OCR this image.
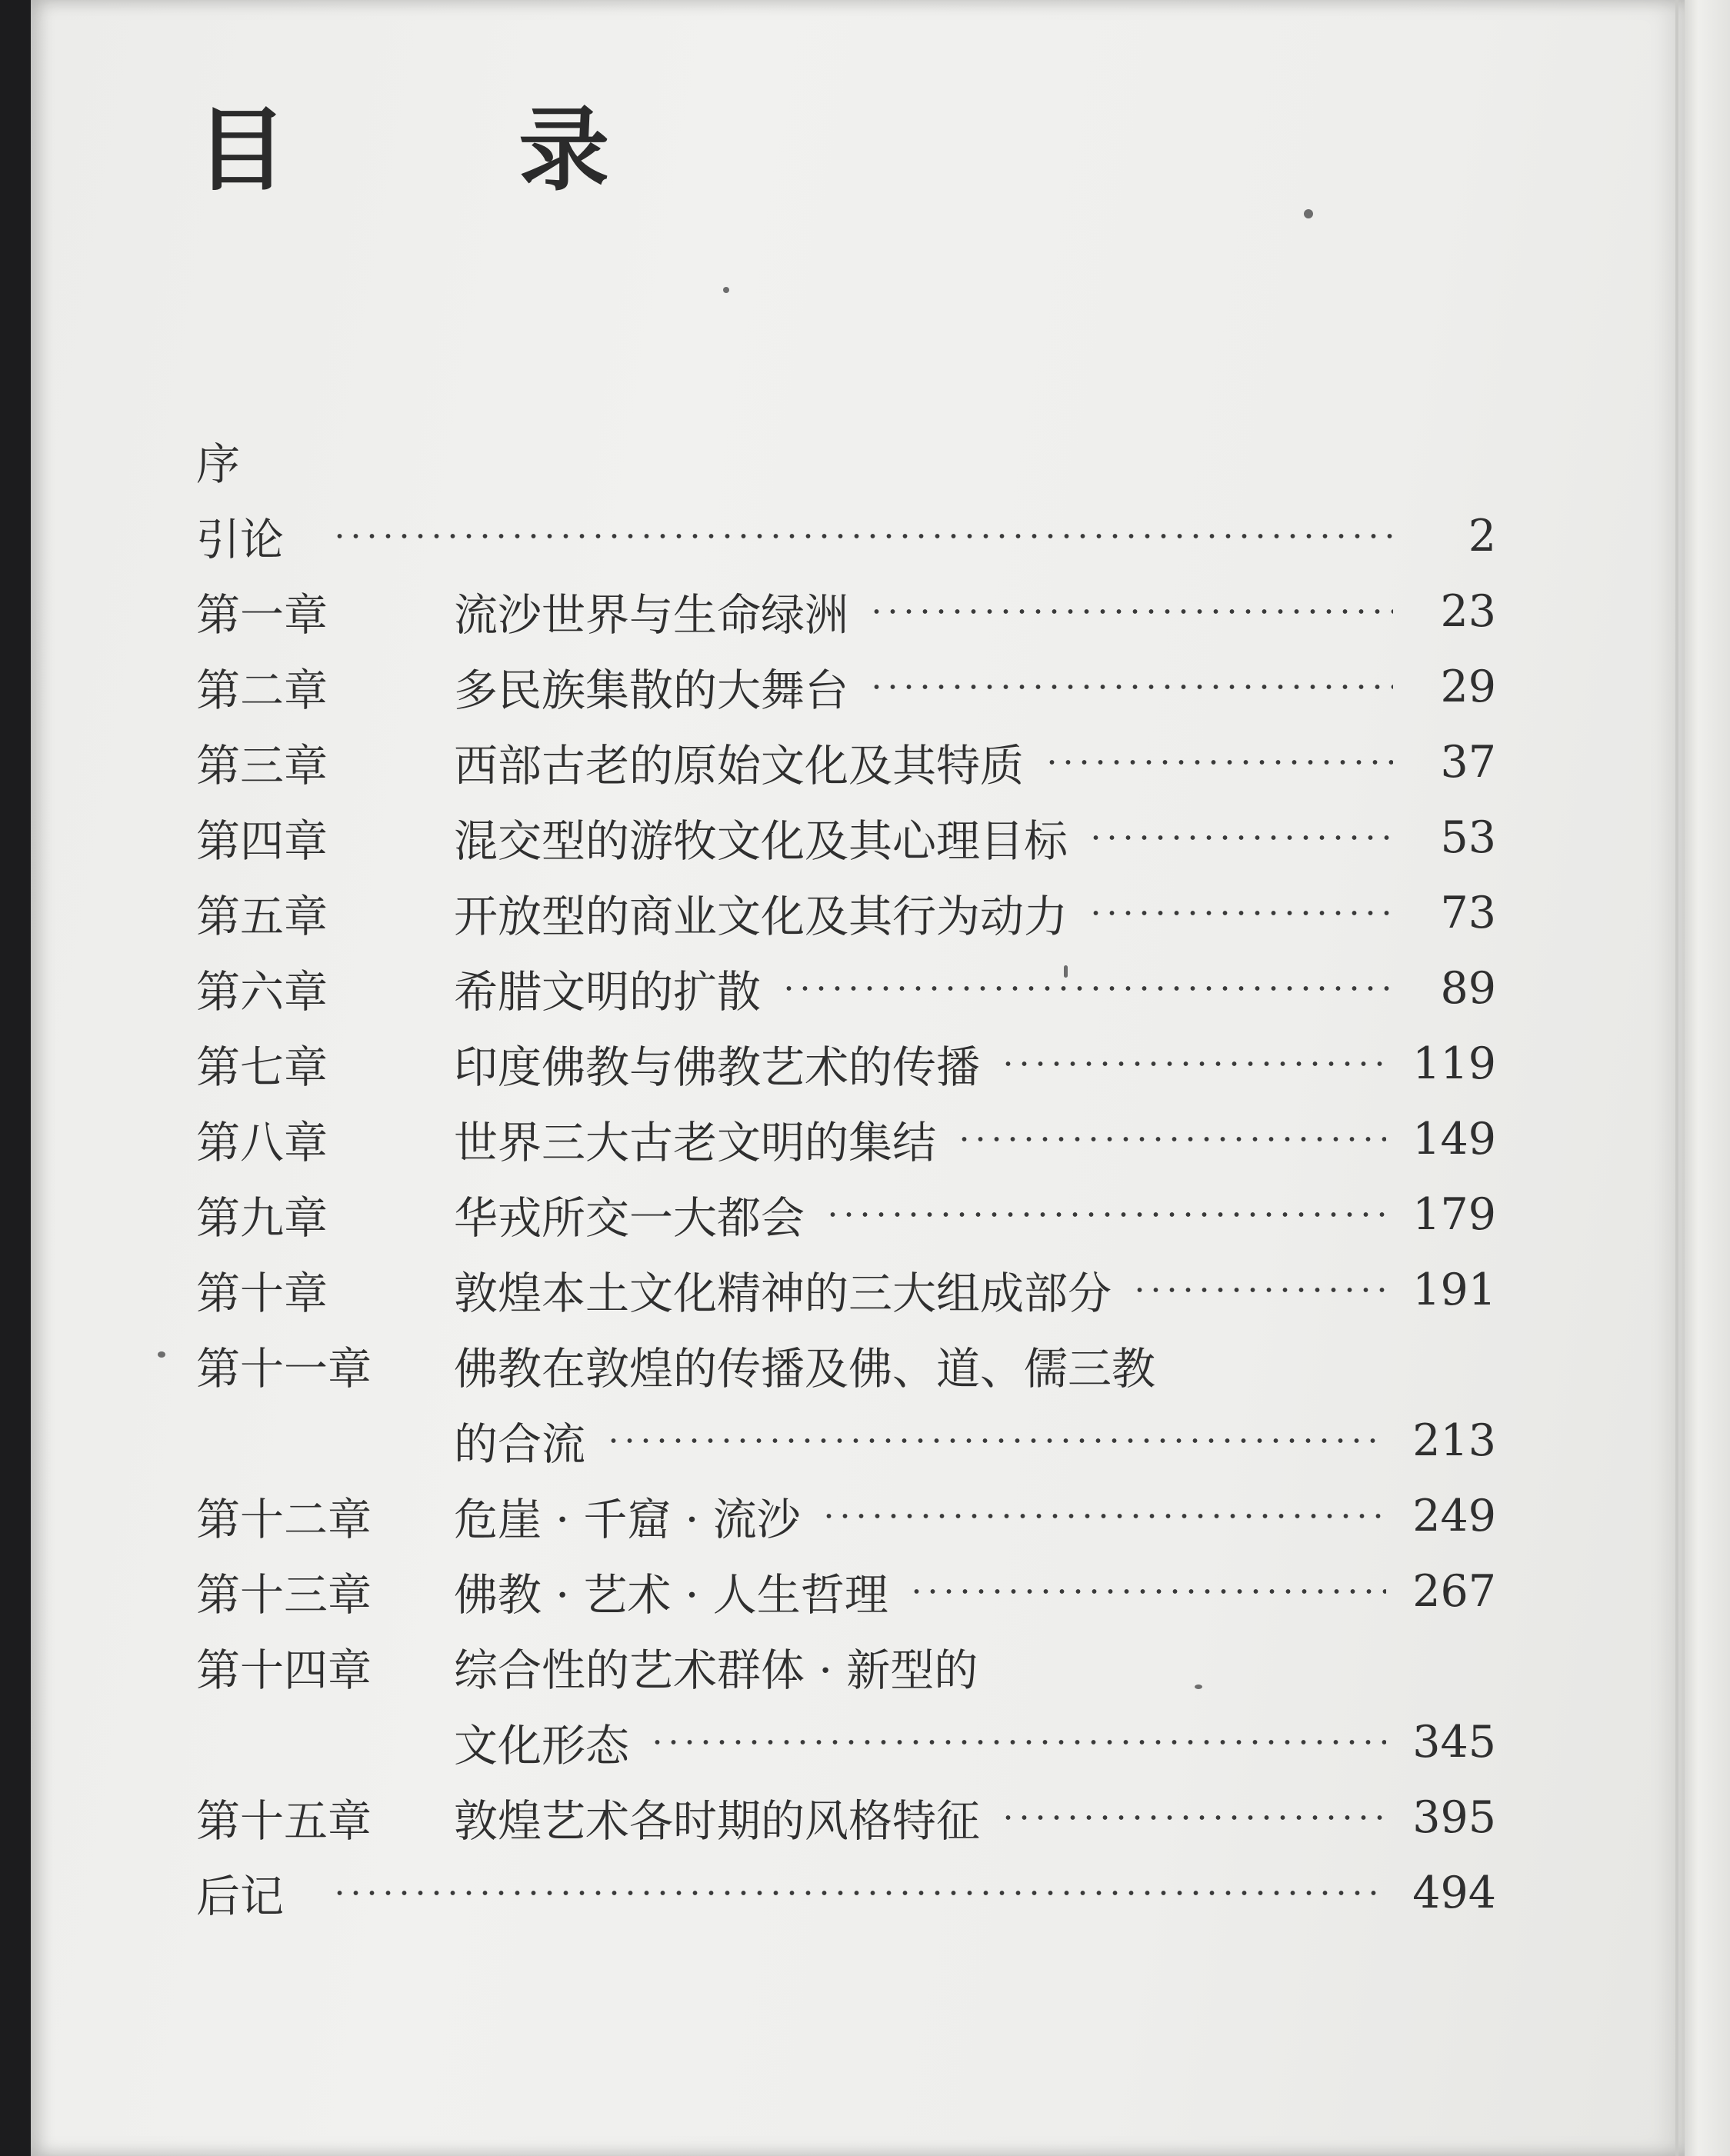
目 录
序
引论	2
第一章	流沙世界与生命绿洲	23
第二章	多民族集散的大舞台	29
第三章	西部古老的原始文化及其特质	37
第四章	混交型的游牧文化及其心理目标	53
第五章	开放型的商业文化及其行为动力	73
第六章	希腊文明的扩散	89
第七章	印度佛教与佛教艺术的传播	119
第八章	世界三大古老文明的集结	149
第九章	华戎所交一大都会	179
第十章	敦煌本土文化精神的三大组成部分	191
第十一章	佛教在敦煌的传播及佛、道、儒三教
的合流	213
第十二章	危崖 · 千窟 · 流沙	249
第十三章	佛教 · 艺术 · 人生哲理	267
第十四章	综合性的艺术群体 · 新型的
文化形态	345
第十五章	敦煌艺术各时期的风格特征	395
后记	494
